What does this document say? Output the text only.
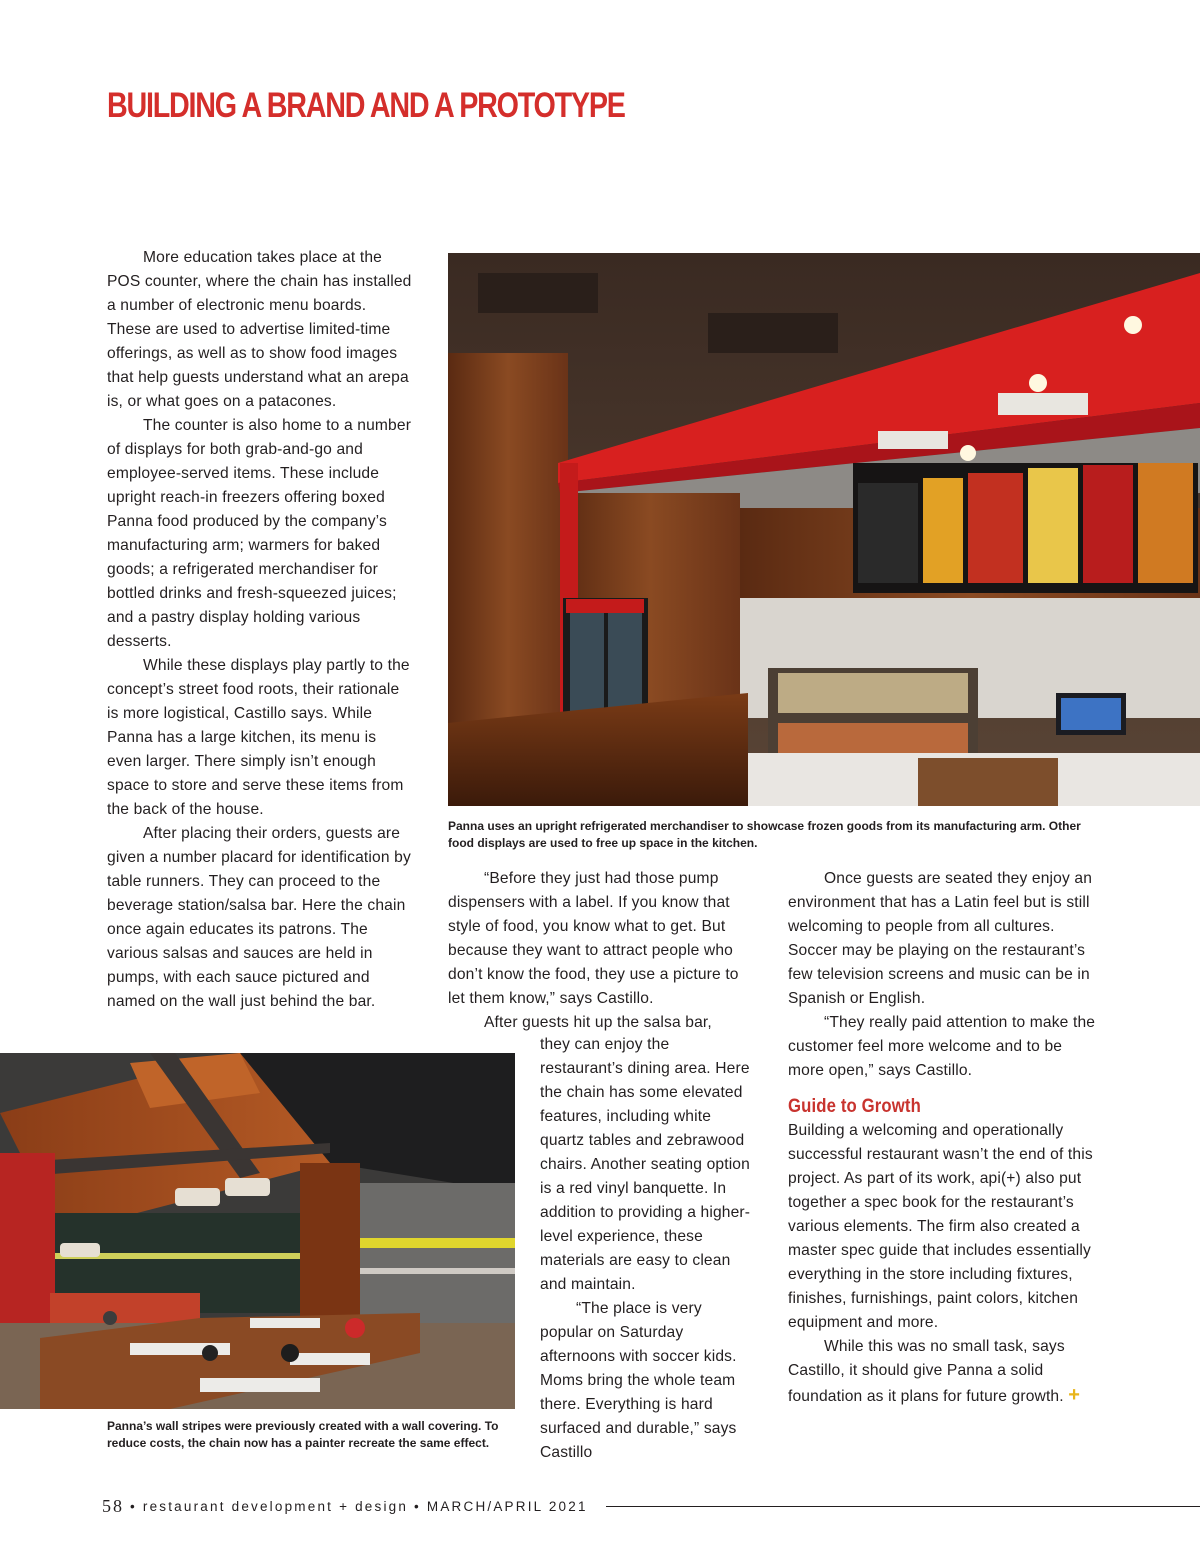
BUILDING A BRAND AND A PROTOTYPE

More education takes place at the POS counter, where the chain has installed a number of electronic menu boards. These are used to advertise limited-time offerings, as well as to show food images that help guests understand what an arepa is, or what goes on a patacones.

The counter is also home to a number of displays for both grab-and-go and employee-served items. These include upright reach-in freezers offering boxed Panna food produced by the company’s manufacturing arm; warmers for baked goods; a refrigerated merchandiser for bottled drinks and fresh-squeezed juices; and a pastry display holding various desserts.

While these displays play partly to the concept’s street food roots, their rationale is more logistical, Castillo says. While Panna has a large kitchen, its menu is even larger. There simply isn’t enough space to store and serve these items from the back of the house.

After placing their orders, guests are given a number placard for identification by table runners. They can proceed to the beverage station/salsa bar. Here the chain once again educates its patrons. The various salsas and sauces are held in pumps, with each sauce pictured and named on the wall just behind the bar.

Panna uses an upright refrigerated merchandiser to showcase frozen goods from its manufacturing arm. Other food displays are used to free up space in the kitchen.

“Before they just had those pump dispensers with a label. If you know that style of food, you know what to get. But because they want to attract people who don’t know the food, they use a picture to let them know,” says Castillo.

After guests hit up the salsa bar,

they can enjoy the restaurant’s dining area. Here the chain has some elevated features, including white quartz tables and zebrawood chairs. Another seating option is a red vinyl banquette. In addition to providing a higher-level experience, these materials are easy to clean and maintain.

“The place is very popular on Saturday afternoons with soccer kids. Moms bring the whole team there. Everything is hard surfaced and durable,” says Castillo

Once guests are seated they enjoy an environment that has a Latin feel but is still welcoming to people from all cultures. Soccer may be playing on the restaurant’s few television screens and music can be in Spanish or English.

“They really paid attention to make the customer feel more welcome and to be more open,” says Castillo.

Guide to Growth

Building a welcoming and operationally successful restaurant wasn’t the end of this project. As part of its work, api(+) also put together a spec book for the restaurant’s various elements. The firm also created a master spec guide that includes essentially everything in the store including fixtures, finishes, furnishings, paint colors, kitchen equipment and more.

While this was no small task, says Castillo, it should give Panna a solid foundation as it plans for future growth. +

Panna’s wall stripes were previously created with a wall covering. To reduce costs, the chain now has a painter recreate the same effect.
58 • restaurant development + design • MARCH/APRIL 2021
